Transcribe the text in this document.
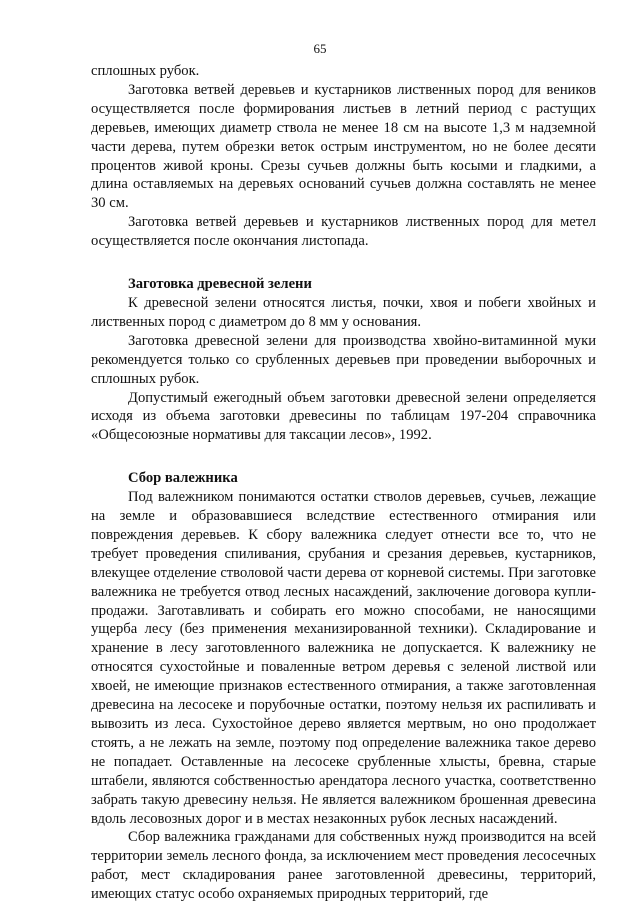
65

сплошных рубок.

Заготовка ветвей деревьев и кустарников лиственных пород для веников осуществляется после формирования листьев в летний период с растущих деревьев, имеющих диаметр ствола не менее 18 см на высоте 1,3 м надземной части дерева, путем обрезки веток острым инструментом, но не более десяти процентов живой кроны. Срезы сучьев должны быть косыми и гладкими, а длина оставляемых на деревьях оснований сучьев должна составлять не менее 30 см.

Заготовка ветвей деревьев и кустарников лиственных пород для метел осуществляется после окончания листопада.

Заготовка древесной зелени

К древесной зелени относятся листья, почки, хвоя и побеги хвойных и лиственных пород с диаметром до 8 мм у основания.

Заготовка древесной зелени для производства хвойно-витаминной муки рекомендуется только со срубленных деревьев при проведении выборочных и сплошных рубок.

Допустимый ежегодный объем заготовки древесной зелени определяется исходя из объема заготовки древесины по таблицам 197-204 справочника «Общесоюзные нормативы для таксации лесов», 1992.

Сбор валежника

Под валежником понимаются остатки стволов деревьев, сучьев, лежащие на земле и образовавшиеся вследствие естественного отмирания или повреждения деревьев. К сбору валежника следует отнести все то, что не требует проведения спиливания, срубания и срезания деревьев, кустарников, влекущее отделение стволовой части дерева от корневой системы. При заготовке валежника не требуется отвод лесных насаждений, заключение договора купли-продажи. Заготавливать и собирать его можно способами, не наносящими ущерба лесу (без применения механизированной техники). Складирование и хранение в лесу заготовленного валежника не допускается. К валежнику не относятся сухостойные и поваленные ветром деревья с зеленой листвой или хвоей, не имеющие признаков естественного отмирания, а также заготовленная древесина на лесосеке и порубочные остатки, поэтому нельзя их распиливать и вывозить из леса. Сухостойное дерево является мертвым, но оно продолжает стоять, а не лежать на земле, поэтому под определение валежника такое дерево не попадает. Оставленные на лесосеке срубленные хлысты, бревна, старые штабели, являются собственностью арендатора лесного участка, соответственно забрать такую древесину нельзя. Не является валежником брошенная древесина вдоль лесовозных дорог и в местах незаконных рубок лесных насаждений.

Сбор валежника гражданами для собственных нужд производится на всей территории земель лесного фонда, за исключением мест проведения лесосечных работ, мест складирования ранее заготовленной древесины, территорий, имеющих статус особо охраняемых природных территорий, где
